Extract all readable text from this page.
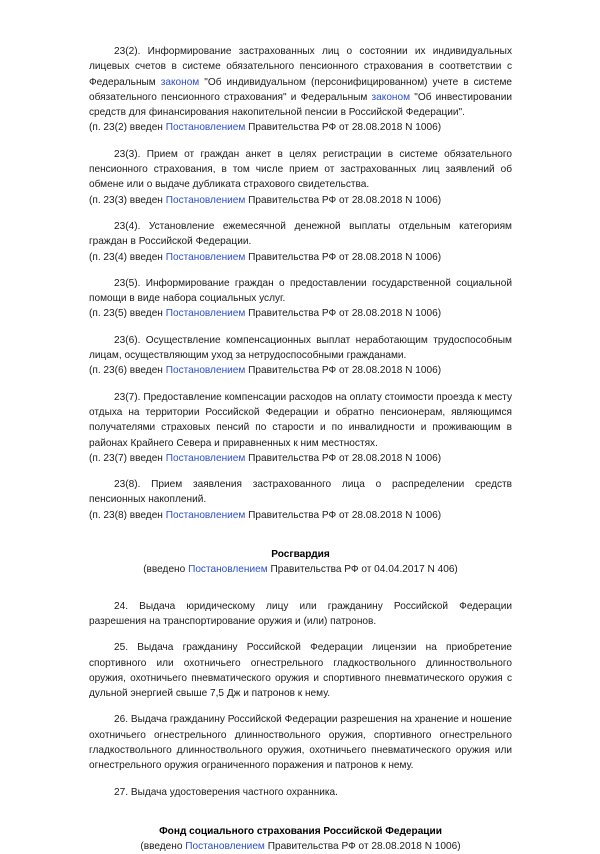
23(2). Информирование застрахованных лиц о состоянии их индивидуальных лицевых счетов в системе обязательного пенсионного страхования в соответствии с Федеральным законом "Об индивидуальном (персонифицированном) учете в системе обязательного пенсионного страхования" и Федеральным законом "Об инвестировании средств для финансирования накопительной пенсии в Российской Федерации".

(п. 23(2) введен Постановлением Правительства РФ от 28.08.2018 N 1006)

23(3). Прием от граждан анкет в целях регистрации в системе обязательного пенсионного страхования, в том числе прием от застрахованных лиц заявлений об обмене или о выдаче дубликата страхового свидетельства.

(п. 23(3) введен Постановлением Правительства РФ от 28.08.2018 N 1006)

23(4). Установление ежемесячной денежной выплаты отдельным категориям граждан в Российской Федерации.

(п. 23(4) введен Постановлением Правительства РФ от 28.08.2018 N 1006)

23(5). Информирование граждан о предоставлении государственной социальной помощи в виде набора социальных услуг.

(п. 23(5) введен Постановлением Правительства РФ от 28.08.2018 N 1006)

23(6). Осуществление компенсационных выплат неработающим трудоспособным лицам, осуществляющим уход за нетрудоспособными гражданами.

(п. 23(6) введен Постановлением Правительства РФ от 28.08.2018 N 1006)

23(7). Предоставление компенсации расходов на оплату стоимости проезда к месту отдыха на территории Российской Федерации и обратно пенсионерам, являющимся получателями страховых пенсий по старости и по инвалидности и проживающим в районах Крайнего Севера и приравненных к ним местностях.

(п. 23(7) введен Постановлением Правительства РФ от 28.08.2018 N 1006)

23(8). Прием заявления застрахованного лица о распределении средств пенсионных накоплений.

(п. 23(8) введен Постановлением Правительства РФ от 28.08.2018 N 1006)

Росгвардия
(введено Постановлением Правительства РФ от 04.04.2017 N 406)

24. Выдача юридическому лицу или гражданину Российской Федерации разрешения на транспортирование оружия и (или) патронов.

25. Выдача гражданину Российской Федерации лицензии на приобретение спортивного или охотничьего огнестрельного гладкоствольного длинноствольного оружия, охотничьего пневматического оружия и спортивного пневматического оружия с дульной энергией свыше 7,5 Дж и патронов к нему.

26. Выдача гражданину Российской Федерации разрешения на хранение и ношение охотничьего огнестрельного длинноствольного оружия, спортивного огнестрельного гладкоствольного длинноствольного оружия, охотничьего пневматического оружия или огнестрельного оружия ограниченного поражения и патронов к нему.

27. Выдача удостоверения частного охранника.

Фонд социального страхования Российской Федерации
(введено Постановлением Правительства РФ от 28.08.2018 N 1006)
